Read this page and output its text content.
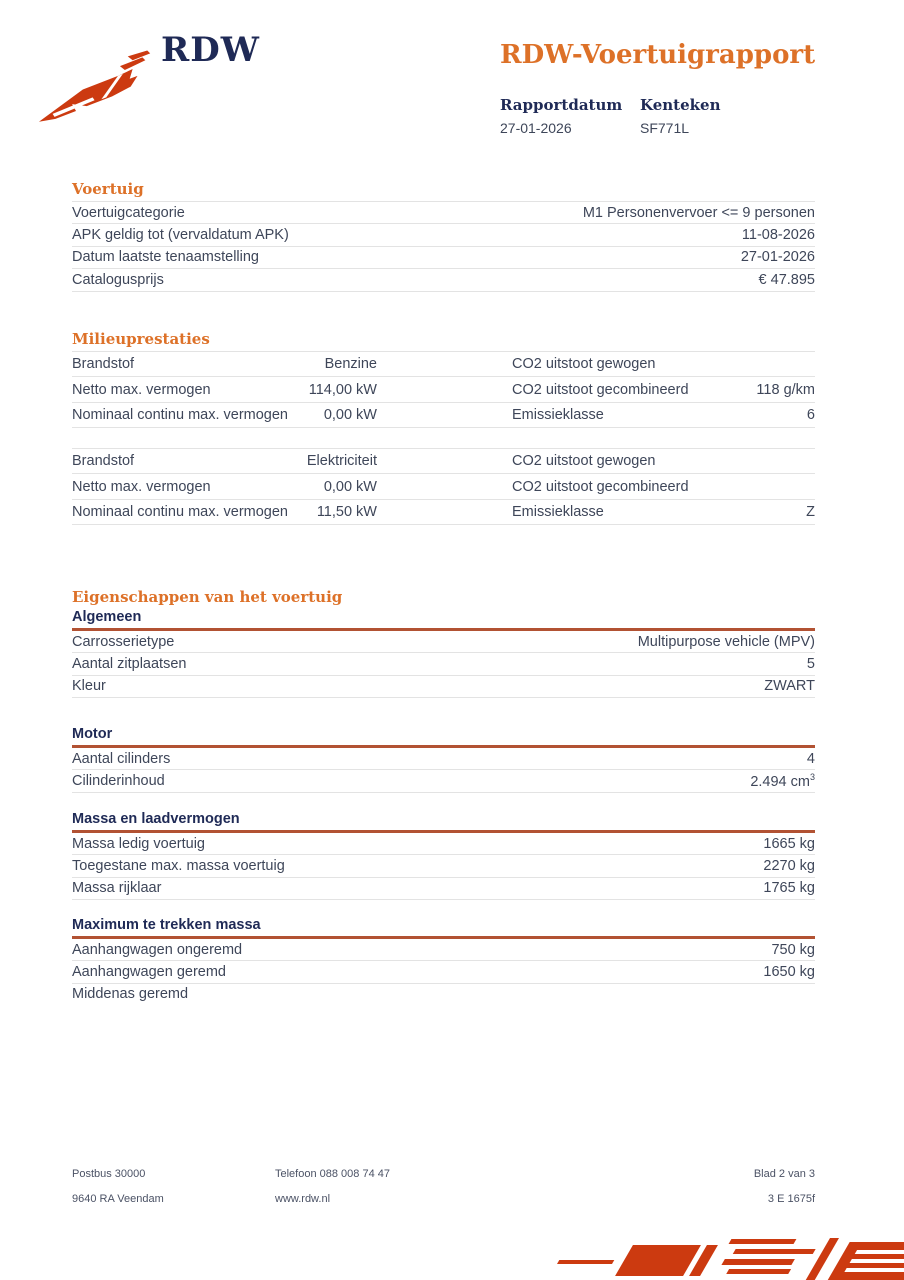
RDW	RDW-Voertuigrapport
Rapportdatum
27-01-2026
Kenteken
SF771L
Voertuig
Voertuigcategorie	M1 Personenvervoer <= 9 personen
APK geldig tot (vervaldatum APK)	11-08-2026
Datum laatste tenaamstelling	27-01-2026
Catalogusprijs	€ 47.895
Milieuprestaties
Brandstof	Benzine	CO2 uitstoot gewogen
Netto max. vermogen	114,00 kW	CO2 uitstoot gecombineerd	118 g/km
Nominaal continu max. vermogen	0,00 kW	Emissieklasse	6
Brandstof	Elektriciteit	CO2 uitstoot gewogen
Netto max. vermogen	0,00 kW	CO2 uitstoot gecombineerd
Nominaal continu max. vermogen	11,50 kW	Emissieklasse	Z
Eigenschappen van het voertuig
Algemeen
Carrosserietype	Multipurpose vehicle (MPV)
Aantal zitplaatsen	5
Kleur	ZWART
Motor
Aantal cilinders	4
Cilinderinhoud	2.494 $cm^3$
Massa en laadvermogen
Massa ledig voertuig	1665 kg
Toegestane max. massa voertuig	2270 kg
Massa rijklaar	1765 kg
Maximum te trekken massa
Aanhangwagen ongeremd	750 kg
Aanhangwagen geremd	1650 kg
Middenas geremd
Postbus 30000	Telefoon 088 008 74 47	Blad 2 van 3
9640 RA Veendam	www.rdw.nl	3 E 1675f
